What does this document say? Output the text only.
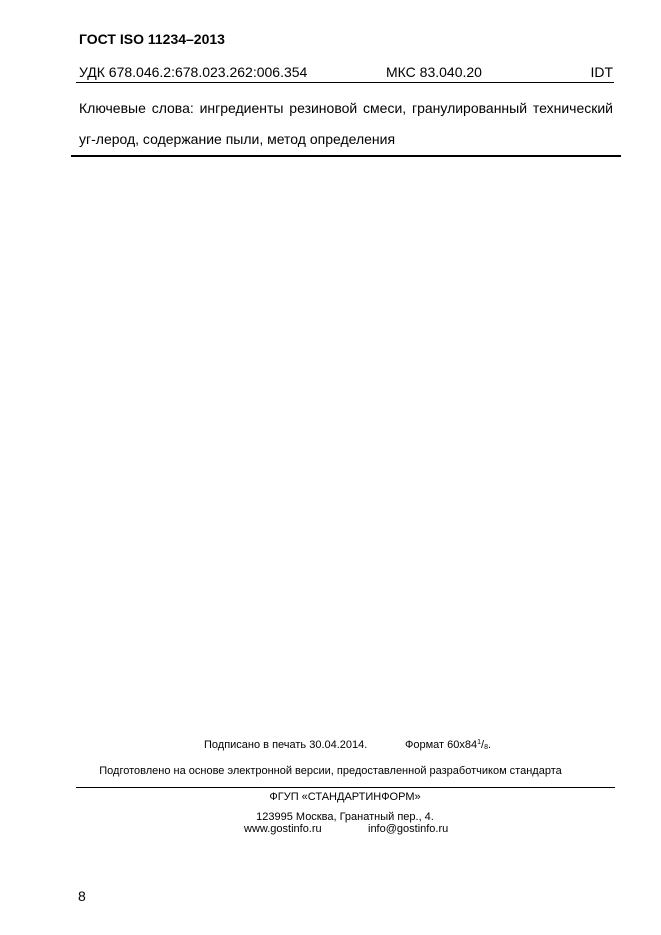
ГОСТ ISO 11234–2013
УДК 678.046.2:678.023.262:006.354	МКС 83.040.20	IDT
Ключевые слова: ингредиенты резиновой смеси, гранулированный технический уг-лерод, содержание пыли, метод определения
Подписано в печать 30.04.2014.	Формат $60x84^1/_8$.
Подготовлено на основе электронной версии, предоставленной разработчиком стандарта
ФГУП «СТАНДАРТИНФОРМ»
123995 Москва, Гранатный пер., 4.
www.gostinfo.ru	info@gostinfo.ru
8
